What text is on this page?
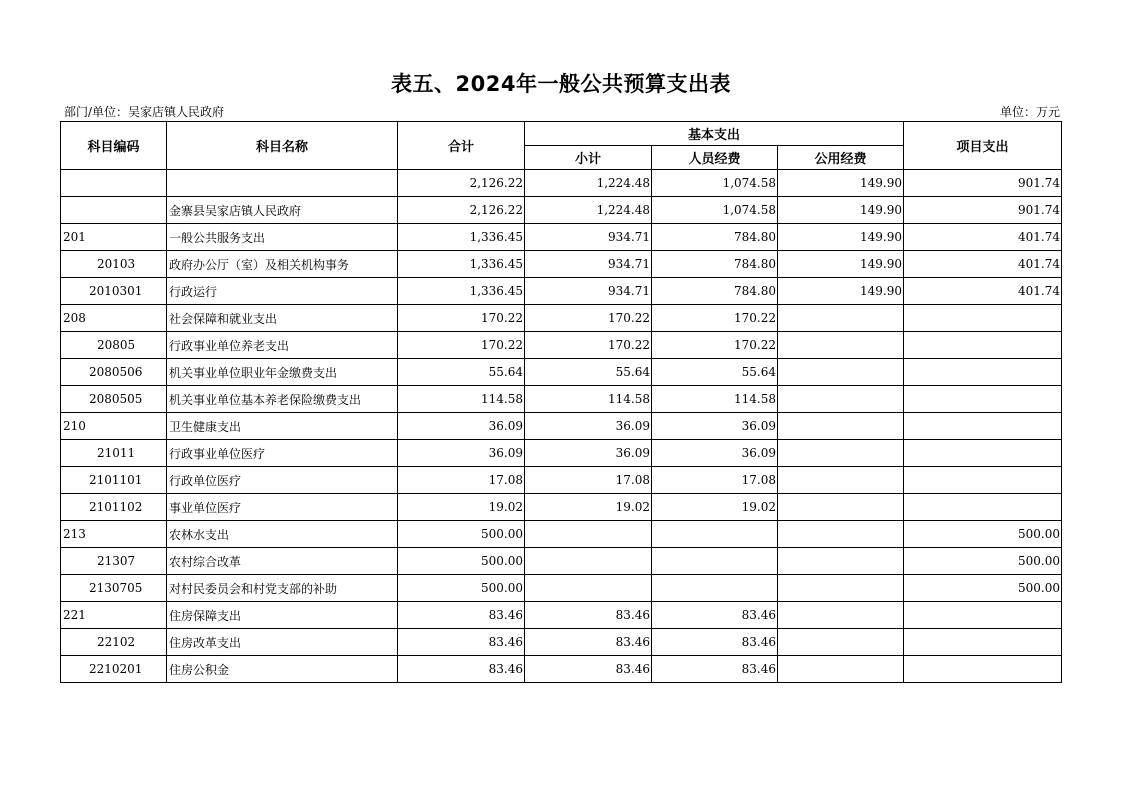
表五、2024年一般公共预算支出表
部门/单位：吴家店镇人民政府	单位：万元
科目编码	科目名称	合计	基本支出			项目支出
			小计	人员经费	公用经费	
		2,126.22	1,224.48	1,074.58	149.90	901.74
	金寨县吴家店镇人民政府	2,126.22	1,224.48	1,074.58	149.90	901.74
201	一般公共服务支出	1,336.45	934.71	784.80	149.90	401.74
20103	政府办公厅（室）及相关机构事务	1,336.45	934.71	784.80	149.90	401.74
2010301	行政运行	1,336.45	934.71	784.80	149.90	401.74
208	社会保障和就业支出	170.22	170.22	170.22		
20805	行政事业单位养老支出	170.22	170.22	170.22		
2080506	机关事业单位职业年金缴费支出	55.64	55.64	55.64		
2080505	机关事业单位基本养老保险缴费支出	114.58	114.58	114.58		
210	卫生健康支出	36.09	36.09	36.09		
21011	行政事业单位医疗	36.09	36.09	36.09		
2101101	行政单位医疗	17.08	17.08	17.08		
2101102	事业单位医疗	19.02	19.02	19.02		
213	农林水支出	500.00				500.00
21307	农村综合改革	500.00				500.00
2130705	对村民委员会和村党支部的补助	500.00				500.00
221	住房保障支出	83.46	83.46	83.46		
22102	住房改革支出	83.46	83.46	83.46		
2210201	住房公积金	83.46	83.46	83.46		
